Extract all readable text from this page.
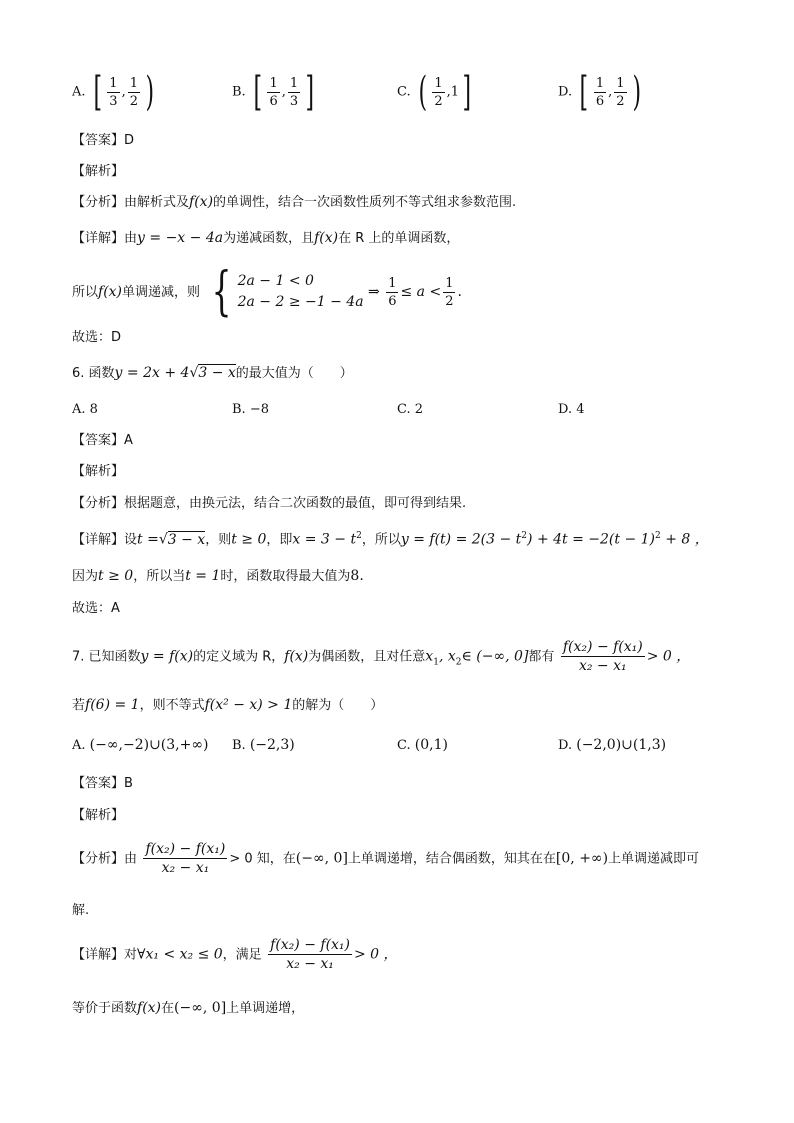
A. [ $\frac{1}{3}$ , $\frac{1}{2}$ )	B. [ $\frac{1}{6}$ , $\frac{1}{3}$ ]	C. ( $\frac{1}{2} ,1$]	D. [ $\frac{1}{6}$ , $\frac{1}{2}$ )
【答案】D
【解析】
【分析】由解析式及f(x)的单调性，结合一次函数性质列不等式组求参数范围.
【详解】由y = −x − 4a为递减函数，且f(x)在 R 上的单调函数，
所以f(x)单调递减，则 { 2a − 1 < 0
2a − 2 ≥ −1 − 4a
⇒ $\frac{1}{6} \le a < \frac{1}{2}$ .
故选：D
6. 函数y = 2x + 4√3 − x的最大值为（　　）
A. 8	B. −8	C. 2	D. 4
【答案】A
【解析】
【分析】根据题意，由换元法，结合二次函数的最值，即可得到结果.
【详解】设t =√3 − x，则t ≥ 0，即$x = 3 - t^2$，所以$y = f(t) = 2(3 - t^2) + 4t = -2(t - 1)^2 + 8$ ，
因为t ≥ 0，所以当t = 1时，函数取得最大值为8.
故选：A
7. 已知函数y = f(x)的定义域为 R，f(x)为偶函数，且对任意$x_1$, $x_2\in$ (−∞, 0]都有 $\frac{\text{f(x₂) − f(x₁)}}{\text{x₂ − x₁}} > 0$ ，
若f(6) = 1，则不等式f(x² − x) > 1的解为（　　）
A. (−∞,−2)∪(3,+∞) B. (−2,3)	C. (0,1)	D. (−2,0)∪(1,3)
【答案】B
【解析】
【分析】由 $\frac{\text{f(x₂) − f(x₁)}}{\text{x₂ − x₁}} > 0$ 知，在(−∞, 0]上单调递增，结合偶函数，知其在在[0, +∞)上单调递减即可
解.
【详解】对∀x₁ < x₂ ≤ 0，满足 $\frac{\text{f(x₂) − f(x₁)}}{\text{x₂ − x₁}} > 0$ ，
等价于函数f(x)在(−∞, 0]上单调递增，
